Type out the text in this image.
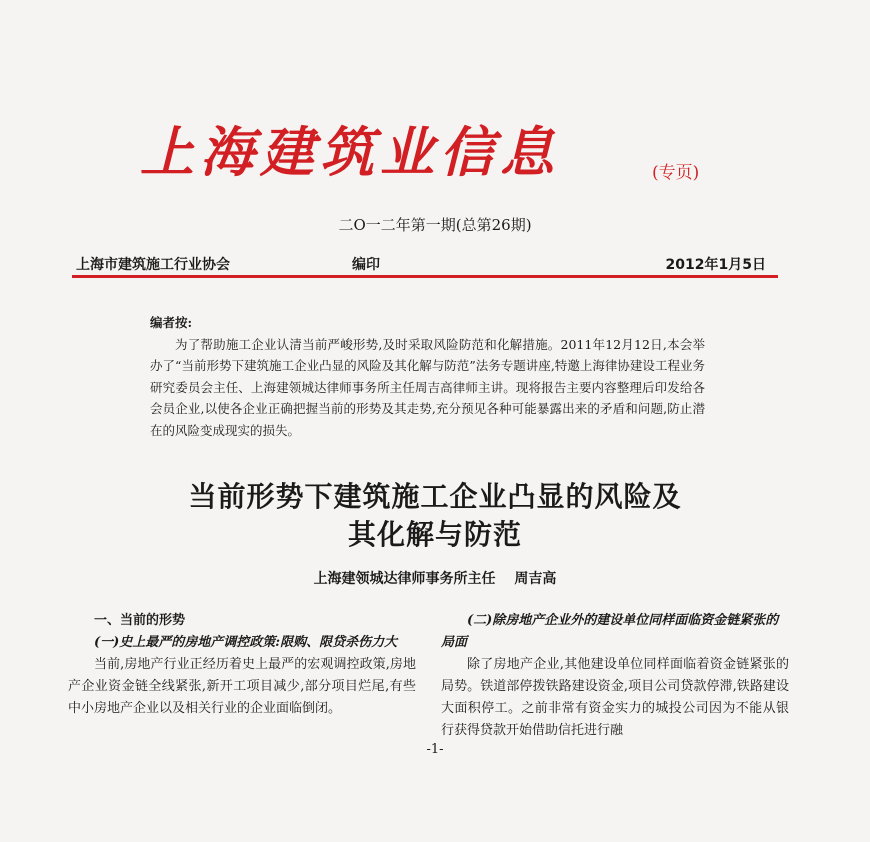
上海建筑业信息	(专页)
二O一二年第一期(总第26期)
上海市建筑施工行业协会	编印	2012年1月5日
编者按:
为了帮助施工企业认清当前严峻形势,及时采取风险防范和化解措施。2011年12月12日,本会举办了“当前形势下建筑施工企业凸显的风险及其化解与防范”法务专题讲座,特邀上海律协建设工程业务研究委员会主任、上海建领城达律师事务所主任周吉高律师主讲。现将报告主要内容整理后印发给各会员企业,以使各企业正确把握当前的形势及其走势,充分预见各种可能暴露出来的矛盾和问题,防止潜在的风险变成现实的损失。
当前形势下建筑施工企业凸显的风险及
其化解与防范
上海建领城达律师事务所主任 周吉高
一、当前的形势
(一)史上最严的房地产调控政策:限购、限贷杀伤力大
当前,房地产行业正经历着史上最严的宏观调控政策,房地产企业资金链全线紧张,新开工项目减少,部分项目烂尾,有些中小房地产企业以及相关行业的企业面临倒闭。
(二)除房地产企业外的建设单位同样面临资金链紧张的局面
除了房地产企业,其他建设单位同样面临着资金链紧张的局势。铁道部停拨铁路建设资金,项目公司贷款停滞,铁路建设大面积停工。之前非常有资金实力的城投公司因为不能从银行获得贷款开始借助信托进行融
-1-
